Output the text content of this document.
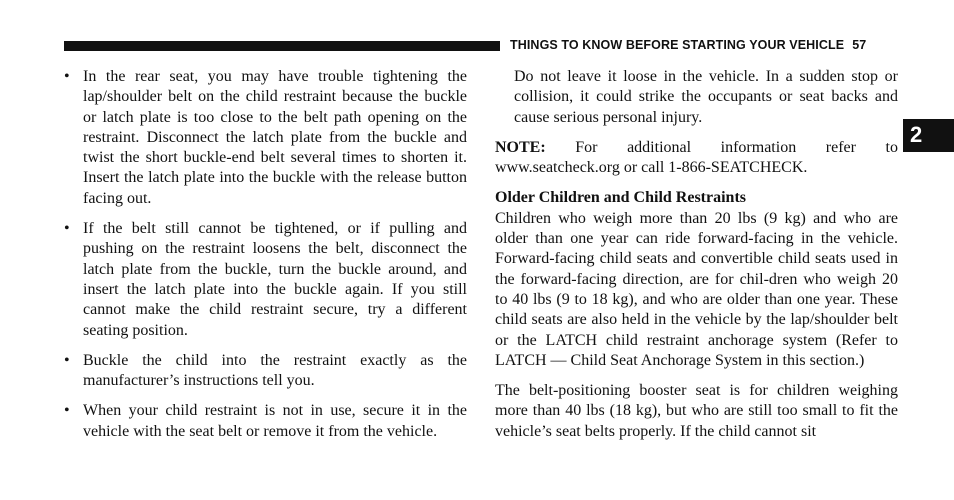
THINGS TO KNOW BEFORE STARTING YOUR VEHICLE 57
2
• In the rear seat, you may have trouble tightening the lap/shoulder belt on the child restraint because the buckle or latch plate is too close to the belt path opening on the restraint. Disconnect the latch plate from the buckle and twist the short buckle-end belt several times to shorten it. Insert the latch plate into the buckle with the release button facing out.
• If the belt still cannot be tightened, or if pulling and pushing on the restraint loosens the belt, disconnect the latch plate from the buckle, turn the buckle around, and insert the latch plate into the buckle again. If you still cannot make the child restraint secure, try a different seating position.
• Buckle the child into the restraint exactly as the manufacturer’s instructions tell you.
• When your child restraint is not in use, secure it in the vehicle with the seat belt or remove it from the vehicle.

Do not leave it loose in the vehicle. In a sudden stop or collision, it could strike the occupants or seat backs and cause serious personal injury.

NOTE: For additional information refer to www.seatcheck.org or call 1-866-SEATCHECK.

Older Children and Child Restraints

Children who weigh more than 20 lbs (9 kg) and who are older than one year can ride forward-facing in the vehicle. Forward-facing child seats and convertible child seats used in the forward-facing direction, are for chil-dren who weigh 20 to 40 lbs (9 to 18 kg), and who are older than one year. These child seats are also held in the vehicle by the lap/shoulder belt or the LATCH child restraint anchorage system (Refer to LATCH — Child Seat Anchorage System in this section.)

The belt-positioning booster seat is for children weighing more than 40 lbs (18 kg), but who are still too small to fit the vehicle’s seat belts properly. If the child cannot sit
